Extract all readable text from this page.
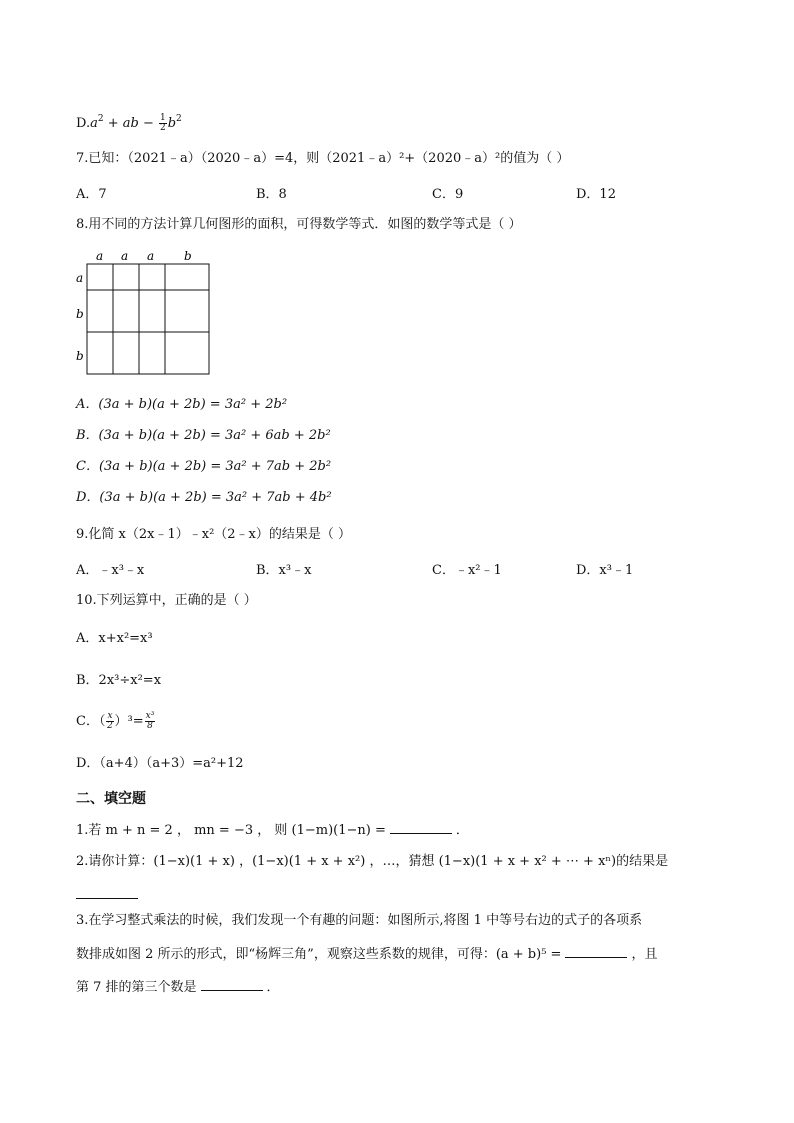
$D.a^2$ + ab − $\frac{1}{2} b^2$
7.已知：（2021﹣a）（2020﹣a）=4，则（2021﹣a）²+（2020﹣a）²的值为（ ）
A．7	B．8	C．9	D．12
8.用不同的方法计算几何图形的面积，可得数学等式．如图的数学等式是（ ）
a a a b
a
b
b
A．(3a + b)(a + 2b) = 3a² + 2b²
B．(3a + b)(a + 2b) = 3a² + 6ab + 2b²
C．(3a + b)(a + 2b) = 3a² + 7ab + 2b²
D．(3a + b)(a + 2b) = 3a² + 7ab + 4b²
9.化简 x（2x﹣1）﹣x²（2﹣x）的结果是（ ）
A．﹣x³﹣x	B．x³﹣x	C．﹣x²﹣1	D．x³﹣1
10.下列运算中，正确的是（ ）
A．x+x²=x³
B．2x³÷x²=x
C．（ $\frac{x}{2} )^3= \frac{\text{x³}}{8}$
D．（a+4）（a+3）=a²+12
二、填空题
1.若 m + n = 2 ， mn = −3 ， 则 (1−m)(1−n) =	．
2.请你计算：(1−x)(1 + x) ，(1−x)(1 + x + x²) ，…，猜想 (1−x)(1 + x + x² + ⋯ + xⁿ)的结果是
3.在学习整式乘法的时候，我们发现一个有趣的问题：如图所示,将图 1 中等号右边的式子的各项系
数排成如图 2 所示的形式，即“杨辉三角”，观察这些系数的规律，可得：(a + b)⁵ =	，且
第 7 排的第三个数是	．
